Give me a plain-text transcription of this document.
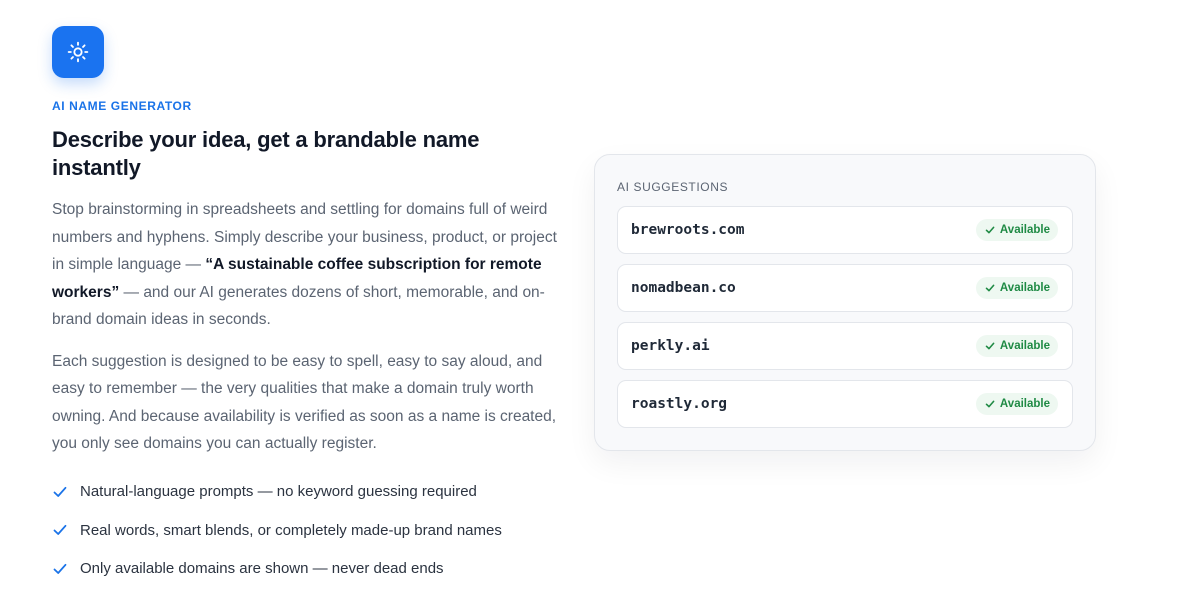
AI NAME GENERATOR
Describe your idea, get a brandable name instantly

Stop brainstorming in spreadsheets and settling for domains full of weird numbers and hyphens. Simply describe your business, product, or project in simple language — “A sustainable coffee subscription for remote workers” — and our AI generates dozens of short, memorable, and on-brand domain ideas in seconds.

Each suggestion is designed to be easy to spell, easy to say aloud, and easy to remember — the very qualities that make a domain truly worth owning. And because availability is verified as soon as a name is created, you only see domains you can actually register.

Natural-language prompts — no keyword guessing required
Real words, smart blends, or completely made-up brand names
Only available domains are shown — never dead ends
AI SUGGESTIONS
brewroots.com	Available
nomadbean.co	Available
perkly.ai	Available
roastly.org	Available
